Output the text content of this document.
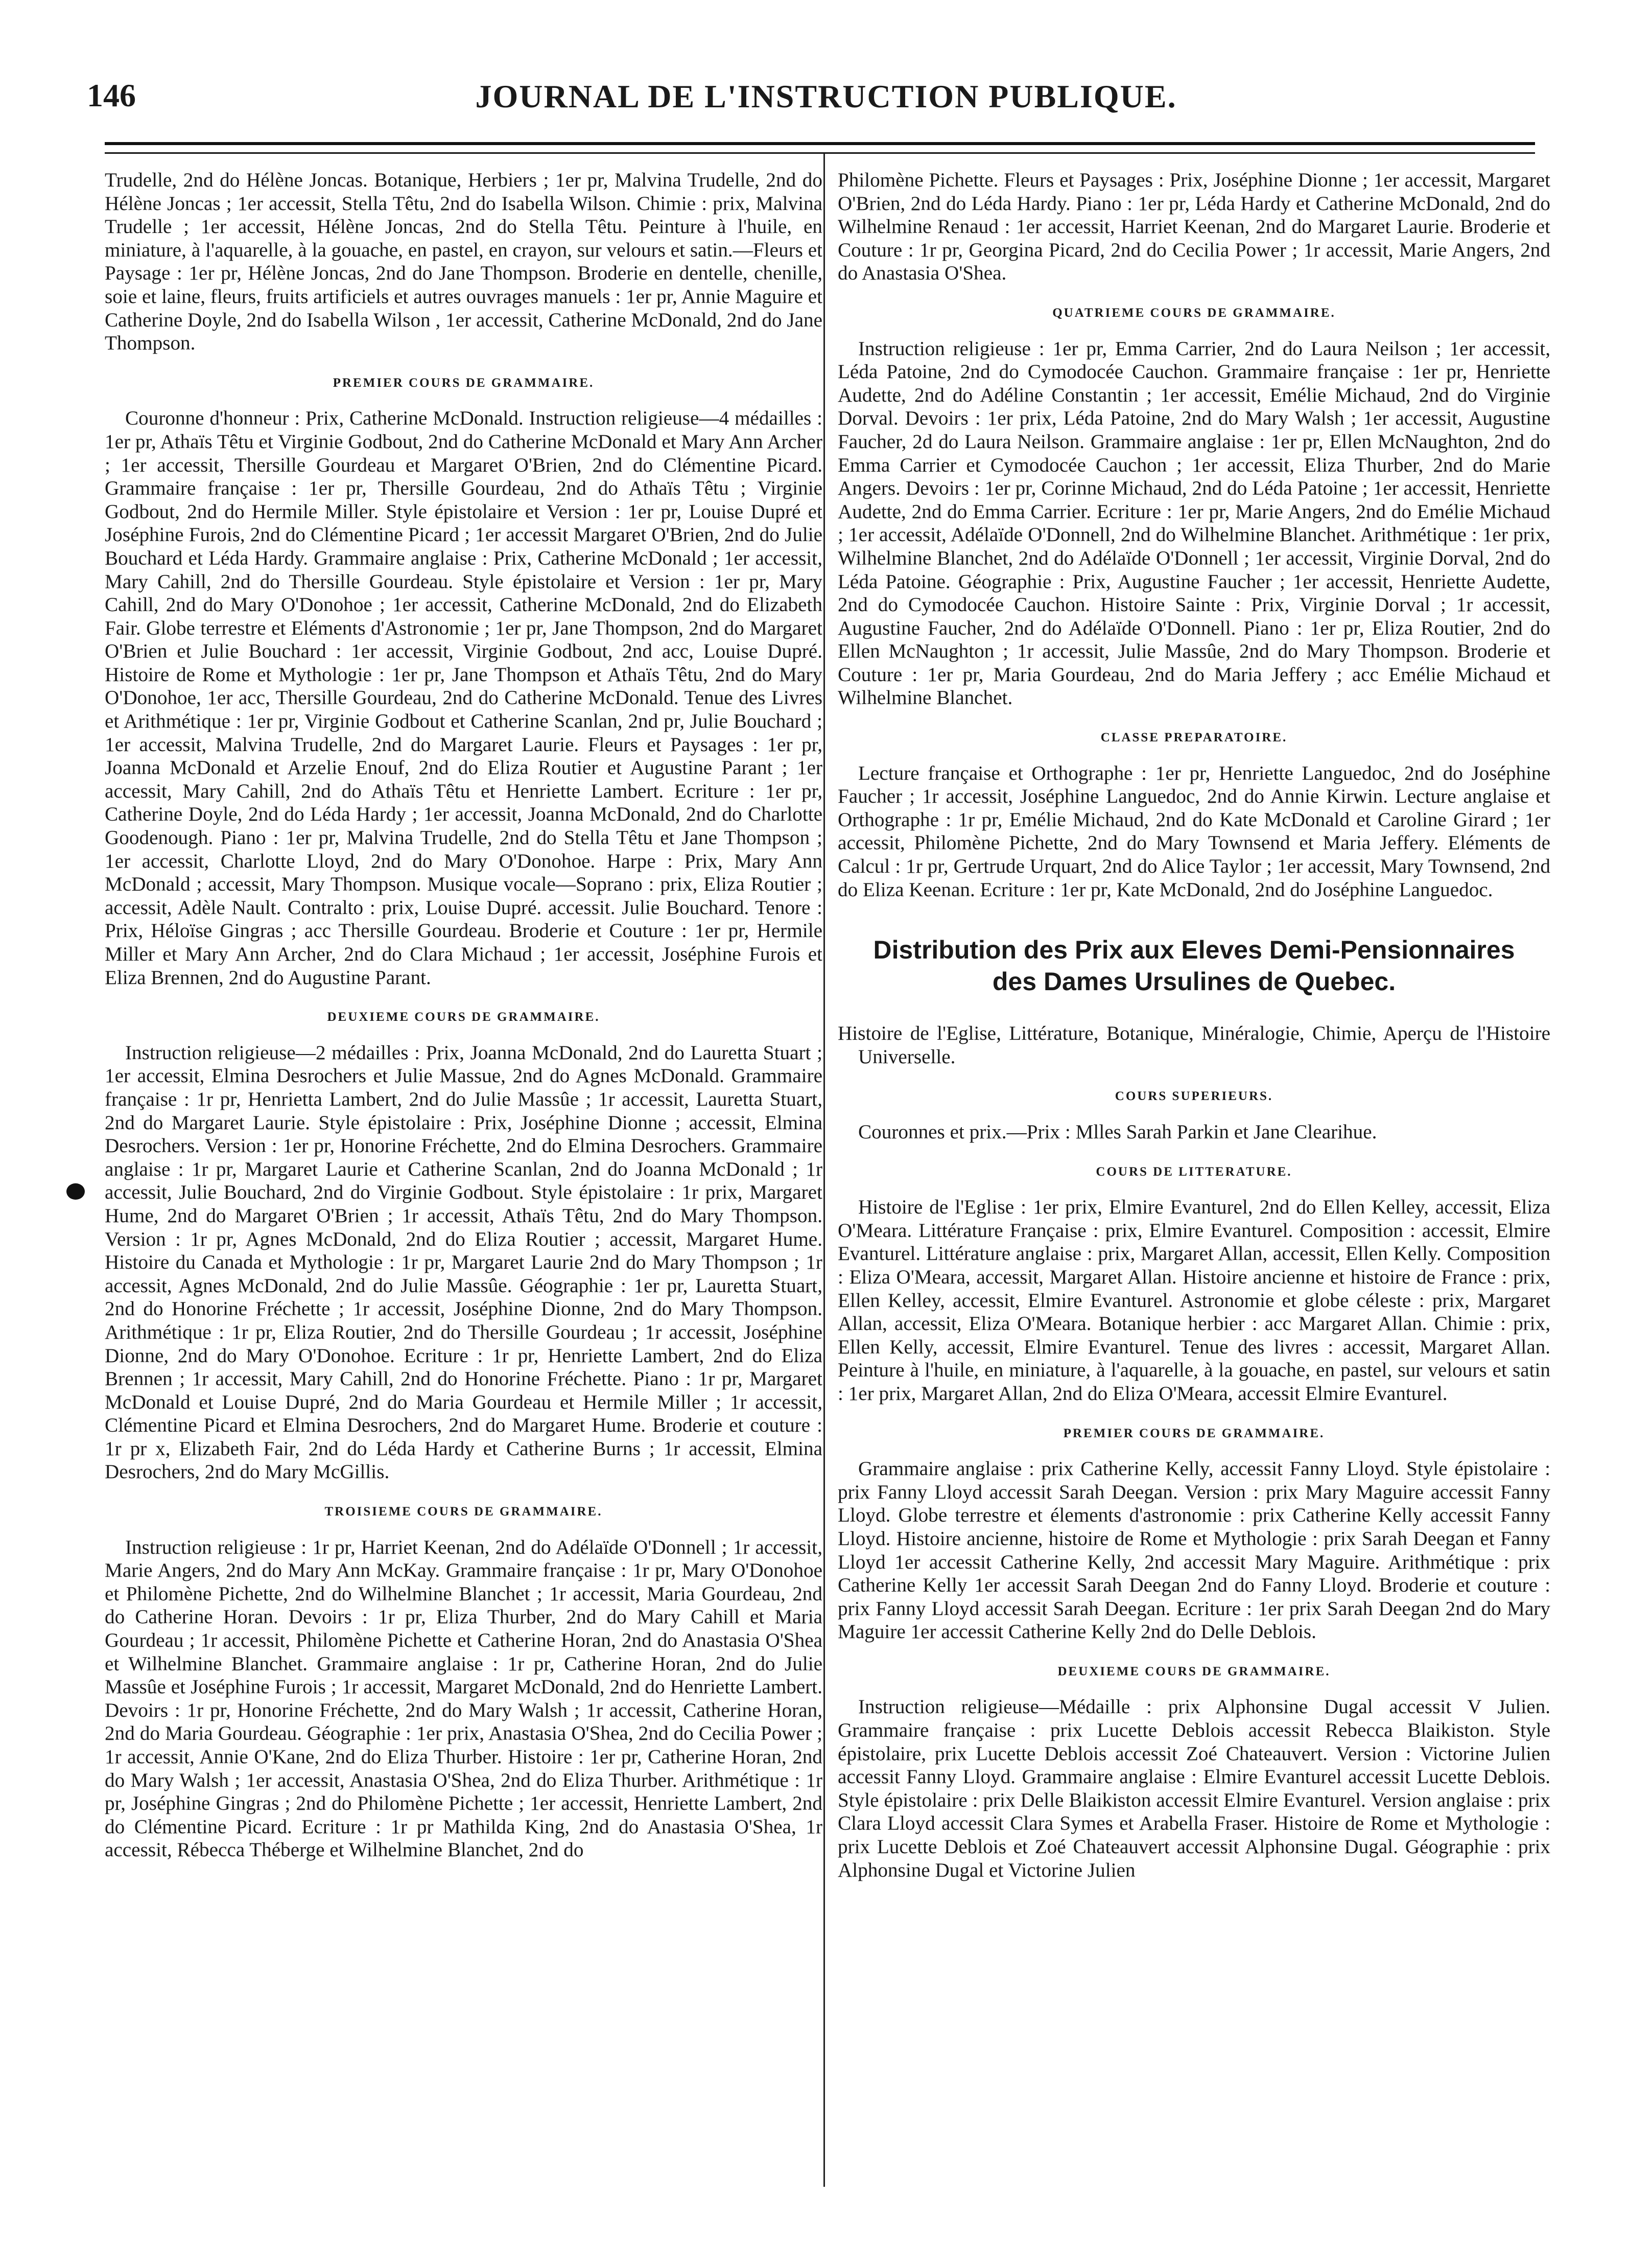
146	JOURNAL DE L'INSTRUCTION PUBLIQUE.

Trudelle, 2nd do Hélène Joncas. Botanique, Herbiers ; 1er pr, Malvina Trudelle, 2nd do Hélène Joncas ; 1er accessit, Stella Têtu, 2nd do Isabella Wilson. Chimie : prix, Malvina Trudelle ; 1er accessit, Hélène Joncas, 2nd do Stella Têtu. Peinture à l'huile, en miniature, à l'aquarelle, à la gouache, en pastel, en crayon, sur velours et satin.—Fleurs et Paysage : 1er pr, Hélène Joncas, 2nd do Jane Thompson. Broderie en dentelle, chenille, soie et laine, fleurs, fruits artificiels et autres ouvrages manuels : 1er pr, Annie Maguire et Catherine Doyle, 2nd do Isabella Wilson , 1er accessit, Catherine McDonald, 2nd do Jane Thompson.

PREMIER COURS DE GRAMMAIRE.

Couronne d'honneur : Prix, Catherine McDonald. Instruction religieuse—4 médailles : 1er pr, Athaïs Têtu et Virginie Godbout, 2nd do Catherine McDonald et Mary Ann Archer ; 1er accessit, Thersille Gourdeau et Margaret O'Brien, 2nd do Clémentine Picard. Grammaire française : 1er pr, Thersille Gourdeau, 2nd do Athaïs Têtu ; Virginie Godbout, 2nd do Hermile Miller. Style épistolaire et Version : 1er pr, Louise Dupré et Joséphine Furois, 2nd do Clémentine Picard ; 1er accessit Margaret O'Brien, 2nd do Julie Bouchard et Léda Hardy. Grammaire anglaise : Prix, Catherine McDonald ; 1er accessit, Mary Cahill, 2nd do Thersille Gourdeau. Style épistolaire et Version : 1er pr, Mary Cahill, 2nd do Mary O'Donohoe ; 1er accessit, Catherine McDonald, 2nd do Elizabeth Fair. Globe terrestre et Eléments d'Astronomie ; 1er pr, Jane Thompson, 2nd do Margaret O'Brien et Julie Bouchard : 1er accessit, Virginie Godbout, 2nd acc, Louise Dupré. Histoire de Rome et Mythologie : 1er pr, Jane Thompson et Athaïs Têtu, 2nd do Mary O'Donohoe, 1er acc, Thersille Gourdeau, 2nd do Catherine McDonald. Tenue des Livres et Arithmétique : 1er pr, Virginie Godbout et Catherine Scanlan, 2nd pr, Julie Bouchard ; 1er accessit, Malvina Trudelle, 2nd do Margaret Laurie. Fleurs et Paysages : 1er pr, Joanna McDonald et Arzelie Enouf, 2nd do Eliza Routier et Augustine Parant ; 1er accessit, Mary Cahill, 2nd do Athaïs Têtu et Henriette Lambert. Ecriture : 1er pr, Catherine Doyle, 2nd do Léda Hardy ; 1er accessit, Joanna McDonald, 2nd do Charlotte Goodenough. Piano : 1er pr, Malvina Trudelle, 2nd do Stella Têtu et Jane Thompson ; 1er accessit, Charlotte Lloyd, 2nd do Mary O'Donohoe. Harpe : Prix, Mary Ann McDonald ; accessit, Mary Thompson. Musique vocale—Soprano : prix, Eliza Routier ; accessit, Adèle Nault. Contralto : prix, Louise Dupré. accessit. Julie Bouchard. Tenore : Prix, Héloïse Gingras ; acc Thersille Gourdeau. Broderie et Couture : 1er pr, Hermile Miller et Mary Ann Archer, 2nd do Clara Michaud ; 1er accessit, Joséphine Furois et Eliza Brennen, 2nd do Augustine Parant.

DEUXIEME COURS DE GRAMMAIRE.

Instruction religieuse—2 médailles : Prix, Joanna McDonald, 2nd do Lauretta Stuart ; 1er accessit, Elmina Desrochers et Julie Massue, 2nd do Agnes McDonald. Grammaire française : 1r pr, Henrietta Lambert, 2nd do Julie Massûe ; 1r accessit, Lauretta Stuart, 2nd do Margaret Laurie. Style épistolaire : Prix, Joséphine Dionne ; accessit, Elmina Desrochers. Version : 1er pr, Honorine Fréchette, 2nd do Elmina Desrochers. Grammaire anglaise : 1r pr, Margaret Laurie et Catherine Scanlan, 2nd do Joanna McDonald ; 1r accessit, Julie Bouchard, 2nd do Virginie Godbout. Style épistolaire : 1r prix, Margaret Hume, 2nd do Margaret O'Brien ; 1r accessit, Athaïs Têtu, 2nd do Mary Thompson. Version : 1r pr, Agnes McDonald, 2nd do Eliza Routier ; accessit, Margaret Hume. Histoire du Canada et Mythologie : 1r pr, Margaret Laurie 2nd do Mary Thompson ; 1r accessit, Agnes McDonald, 2nd do Julie Massûe. Géographie : 1er pr, Lauretta Stuart, 2nd do Honorine Fréchette ; 1r accessit, Joséphine Dionne, 2nd do Mary Thompson. Arithmétique : 1r pr, Eliza Routier, 2nd do Thersille Gourdeau ; 1r accessit, Joséphine Dionne, 2nd do Mary O'Donohoe. Ecriture : 1r pr, Henriette Lambert, 2nd do Eliza Brennen ; 1r accessit, Mary Cahill, 2nd do Honorine Fréchette. Piano : 1r pr, Margaret McDonald et Louise Dupré, 2nd do Maria Gourdeau et Hermile Miller ; 1r accessit, Clémentine Picard et Elmina Desrochers, 2nd do Margaret Hume. Broderie et couture : 1r pr x, Elizabeth Fair, 2nd do Léda Hardy et Catherine Burns ; 1r accessit, Elmina Desrochers, 2nd do Mary McGillis.

TROISIEME COURS DE GRAMMAIRE.

Instruction religieuse : 1r pr, Harriet Keenan, 2nd do Adélaïde O'Donnell ; 1r accessit, Marie Angers, 2nd do Mary Ann McKay. Grammaire française : 1r pr, Mary O'Donohoe et Philomène Pichette, 2nd do Wilhelmine Blanchet ; 1r accessit, Maria Gourdeau, 2nd do Catherine Horan. Devoirs : 1r pr, Eliza Thurber, 2nd do Mary Cahill et Maria Gourdeau ; 1r accessit, Philomène Pichette et Catherine Horan, 2nd do Anastasia O'Shea et Wilhelmine Blanchet. Grammaire anglaise : 1r pr, Catherine Horan, 2nd do Julie Massûe et Joséphine Furois ; 1r accessit, Margaret McDonald, 2nd do Henriette Lambert. Devoirs : 1r pr, Honorine Fréchette, 2nd do Mary Walsh ; 1r accessit, Catherine Horan, 2nd do Maria Gourdeau. Géographie : 1er prix, Anastasia O'Shea, 2nd do Cecilia Power ; 1r accessit, Annie O'Kane, 2nd do Eliza Thurber. Histoire : 1er pr, Catherine Horan, 2nd do Mary Walsh ; 1er accessit, Anastasia O'Shea, 2nd do Eliza Thurber. Arithmétique : 1r pr, Joséphine Gingras ; 2nd do Philomène Pichette ; 1er accessit, Henriette Lambert, 2nd do Clémentine Picard. Ecriture : 1r pr Mathilda King, 2nd do Anastasia O'Shea, 1r accessit, Rébecca Théberge et Wilhelmine Blanchet, 2nd do

Philomène Pichette. Fleurs et Paysages : Prix, Joséphine Dionne ; 1er accessit, Margaret O'Brien, 2nd do Léda Hardy. Piano : 1er pr, Léda Hardy et Catherine McDonald, 2nd do Wilhelmine Renaud : 1er accessit, Harriet Keenan, 2nd do Margaret Laurie. Broderie et Couture : 1r pr, Georgina Picard, 2nd do Cecilia Power ; 1r accessit, Marie Angers, 2nd do Anastasia O'Shea.

QUATRIEME COURS DE GRAMMAIRE.

Instruction religieuse : 1er pr, Emma Carrier, 2nd do Laura Neilson ; 1er accessit, Léda Patoine, 2nd do Cymodocée Cauchon. Grammaire française : 1er pr, Henriette Audette, 2nd do Adéline Constantin ; 1er accessit, Emélie Michaud, 2nd do Virginie Dorval. Devoirs : 1er prix, Léda Patoine, 2nd do Mary Walsh ; 1er accessit, Augustine Faucher, 2d do Laura Neilson. Grammaire anglaise : 1er pr, Ellen McNaughton, 2nd do Emma Carrier et Cymodocée Cauchon ; 1er accessit, Eliza Thurber, 2nd do Marie Angers. Devoirs : 1er pr, Corinne Michaud, 2nd do Léda Patoine ; 1er accessit, Henriette Audette, 2nd do Emma Carrier. Ecriture : 1er pr, Marie Angers, 2nd do Emélie Michaud ; 1er accessit, Adélaïde O'Donnell, 2nd do Wilhelmine Blanchet. Arithmétique : 1er prix, Wilhelmine Blanchet, 2nd do Adélaïde O'Donnell ; 1er accessit, Virginie Dorval, 2nd do Léda Patoine. Géographie : Prix, Augustine Faucher ; 1er accessit, Henriette Audette, 2nd do Cymodocée Cauchon. Histoire Sainte : Prix, Virginie Dorval ; 1r accessit, Augustine Faucher, 2nd do Adélaïde O'Donnell. Piano : 1er pr, Eliza Routier, 2nd do Ellen McNaughton ; 1r accessit, Julie Massûe, 2nd do Mary Thompson. Broderie et Couture : 1er pr, Maria Gourdeau, 2nd do Maria Jeffery ; acc Emélie Michaud et Wilhelmine Blanchet.

CLASSE PREPARATOIRE.

Lecture française et Orthographe : 1er pr, Henriette Languedoc, 2nd do Joséphine Faucher ; 1r accessit, Joséphine Languedoc, 2nd do Annie Kirwin. Lecture anglaise et Orthographe : 1r pr, Emélie Michaud, 2nd do Kate McDonald et Caroline Girard ; 1er accessit, Philomène Pichette, 2nd do Mary Townsend et Maria Jeffery. Eléments de Calcul : 1r pr, Gertrude Urquart, 2nd do Alice Taylor ; 1er accessit, Mary Townsend, 2nd do Eliza Keenan. Ecriture : 1er pr, Kate McDonald, 2nd do Joséphine Languedoc.

Distribution des Prix aux Eleves Demi-Pensionnaires
des Dames Ursulines de Quebec.

Histoire de l'Eglise, Littérature, Botanique, Minéralogie, Chimie, Aperçu de l'Histoire Universelle.

COURS SUPERIEURS.

Couronnes et prix.—Prix : Mlles Sarah Parkin et Jane Clearihue.

COURS DE LITTERATURE.

Histoire de l'Eglise : 1er prix, Elmire Evanturel, 2nd do Ellen Kelley, accessit, Eliza O'Meara. Littérature Française : prix, Elmire Evanturel. Composition : accessit, Elmire Evanturel. Littérature anglaise : prix, Margaret Allan, accessit, Ellen Kelly. Composition : Eliza O'Meara, accessit, Margaret Allan. Histoire ancienne et histoire de France : prix, Ellen Kelley, accessit, Elmire Evanturel. Astronomie et globe céleste : prix, Margaret Allan, accessit, Eliza O'Meara. Botanique herbier : acc Margaret Allan. Chimie : prix, Ellen Kelly, accessit, Elmire Evanturel. Tenue des livres : accessit, Margaret Allan. Peinture à l'huile, en miniature, à l'aquarelle, à la gouache, en pastel, sur velours et satin : 1er prix, Margaret Allan, 2nd do Eliza O'Meara, accessit Elmire Evanturel.

PREMIER COURS DE GRAMMAIRE.

Grammaire anglaise : prix Catherine Kelly, accessit Fanny Lloyd. Style épistolaire : prix Fanny Lloyd accessit Sarah Deegan. Version : prix Mary Maguire accessit Fanny Lloyd. Globe terrestre et élements d'astronomie : prix Catherine Kelly accessit Fanny Lloyd. Histoire ancienne, histoire de Rome et Mythologie : prix Sarah Deegan et Fanny Lloyd 1er accessit Catherine Kelly, 2nd accessit Mary Maguire. Arithmétique : prix Catherine Kelly 1er accessit Sarah Deegan 2nd do Fanny Lloyd. Broderie et couture : prix Fanny Lloyd accessit Sarah Deegan. Ecriture : 1er prix Sarah Deegan 2nd do Mary Maguire 1er accessit Catherine Kelly 2nd do Delle Deblois.

DEUXIEME COURS DE GRAMMAIRE.

Instruction religieuse—Médaille : prix Alphonsine Dugal accessit V Julien. Grammaire française : prix Lucette Deblois accessit Rebecca Blaikiston. Style épistolaire, prix Lucette Deblois accessit Zoé Chateauvert. Version : Victorine Julien accessit Fanny Lloyd. Grammaire anglaise : Elmire Evanturel accessit Lucette Deblois. Style épistolaire : prix Delle Blaikiston accessit Elmire Evanturel. Version anglaise : prix Clara Lloyd accessit Clara Symes et Arabella Fraser. Histoire de Rome et Mythologie : prix Lucette Deblois et Zoé Chateauvert accessit Alphonsine Dugal. Géographie : prix Alphonsine Dugal et Victorine Julien
